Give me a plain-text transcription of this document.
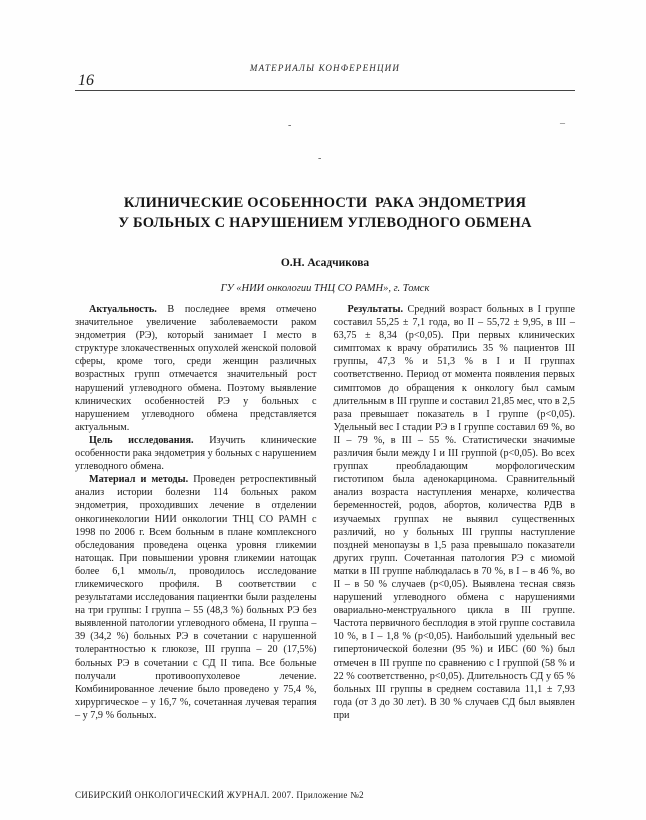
МАТЕРИАЛЫ КОНФЕРЕНЦИИ
16
-	–
-
КЛИНИЧЕСКИЕ ОСОБЕННОСТИ  РАКА ЭНДОМЕТРИЯ
У БОЛЬНЫХ С НАРУШЕНИЕМ УГЛЕВОДНОГО ОБМЕНА
О.Н. Асадчикова
ГУ «НИИ онкологии ТНЦ СО РАМН», г. Томск

Актуальность. В последнее время отмечено значительное увеличение заболеваемости раком эндометрия (РЭ), который занимает I место в структуре злокачественных опухолей женской половой сферы, кроме того, среди женщин различных возрастных групп отмечается значительный рост нарушений углеводного обмена. Поэтому выявление клинических особенностей РЭ у больных с нарушением углеводного обмена представляется актуальным.

Цель исследования. Изучить клинические особенности рака эндометрия у больных с нарушением углеводного обмена.

Материал и методы. Проведен ретроспективный анализ истории болезни 114 больных раком эндометрия, проходивших лечение в отделении онкогинекологии НИИ онкологии ТНЦ СО РАМН с 1998 по 2006 г. Всем больным в плане комплексного обследования проведена оценка уровня гликемии натощак. При повышении уровня гликемии натощак более 6,1 ммоль/л, проводилось исследование гликемического профиля. В соответствии с результатами исследования пациентки были разделены на три группы: I группа – 55 (48,3 %) больных РЭ без выявленной патологии углеводного обмена, II группа – 39 (34,2 %) больных РЭ в сочетании с нарушенной толерантностью к глюкозе, III группа – 20 (17,5%) больных РЭ в сочетании с СД II типа. Все больные получали противоопухолевое лечение. Комбинированное лечение было проведено у 75,4 %, хирургическое – у 16,7 %, сочетанная лучевая терапия – у 7,9 % больных.

Результаты. Средний возраст больных в I группе составил 55,25 ± 7,1 года, во II – 55,72 ± 9,95, в III – 63,75 ± 8,34 (р<0,05). При первых клинических симптомах к врачу обратились 35 % пациентов III группы, 47,3 % и 51,3 % в I и II группах соответственно. Период от момента появления первых симптомов до обращения к онкологу был самым длительным в III группе и составил 21,85 мес, что в 2,5 раза превышает показатель в I группе (р<0,05). Удельный вес I стадии РЭ в I группе составил 69 %, во II – 79 %, в III – 55 %. Статистически значимые различия были между I и III группой (р<0,05). Во всех группах преобладающим морфологическим гистотипом была аденокарцинома. Сравнительный анализ возраста наступления менархе, количества беременностей, родов, абортов, количества РДВ в изучаемых группах не выявил существенных различий, но у больных III группы наступление поздней менопаузы в 1,5 раза превышало показатели других групп. Сочетанная патология РЭ с миомой матки в III группе наблюдалась в 70 %, в I – в 46 %, во II – в 50 % случаев (р<0,05). Выявлена тесная связь нарушений углеводного обмена с нарушениями овариально-менструального цикла в III группе. Частота первичного бесплодия в этой группе составила 10 %, в I – 1,8 % (р<0,05). Наибольший удельный вес гипертонической болезни (95 %) и ИБС (60 %) был отмечен в III группе по сравнению с I группой (58 % и 22 % соответственно, р<0,05). Длительность СД у 65 % больных III группы в среднем составила 11,1 ± 7,93 года (от 3 до 30 лет). В 30 % случаев СД был выявлен при

СИБИРСКИЙ ОНКОЛОГИЧЕСКИЙ ЖУРНАЛ. 2007. Приложение №2
